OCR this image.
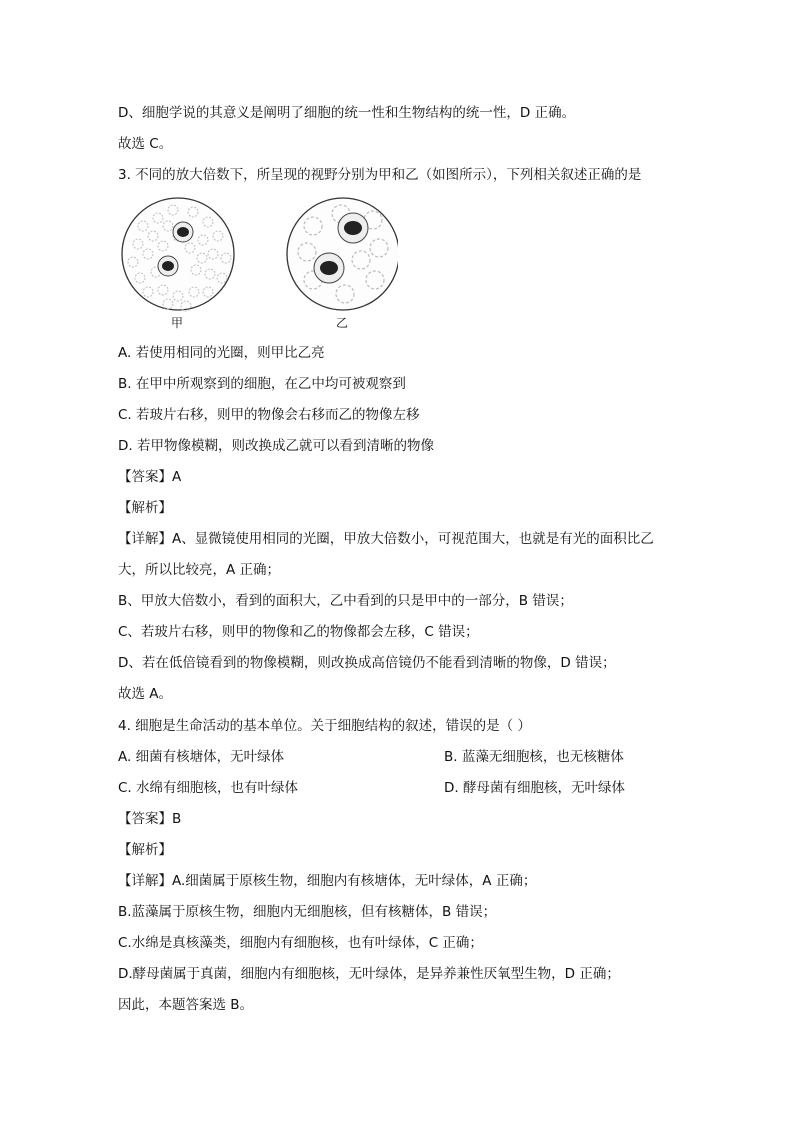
D、细胞学说的其意义是阐明了细胞的统一性和生物结构的统一性，D 正确。
故选 C。
3. 不同的放大倍数下，所呈现的视野分别为甲和乙（如图所示），下列相关叙述正确的是
甲	乙
A. 若使用相同的光圈，则甲比乙亮
B. 在甲中所观察到的细胞，在乙中均可被观察到
C. 若玻片右移，则甲的物像会右移而乙的物像左移
D. 若甲物像模糊，则改换成乙就可以看到清晰的物像
【答案】A
【解析】
【详解】A、显微镜使用相同的光圈，甲放大倍数小，可视范围大，也就是有光的面积比乙
大，所以比较亮，A 正确；
B、甲放大倍数小，看到的面积大，乙中看到的只是甲中的一部分，B 错误；
C、若玻片右移，则甲的物像和乙的物像都会左移，C 错误；
D、若在低倍镜看到的物像模糊，则改换成高倍镜仍不能看到清晰的物像，D 错误；
故选 A。
4. 细胞是生命活动的基本单位。关于细胞结构的叙述，错误的是（ ）
A. 细菌有核塘体，无叶绿体	B. 蓝藻无细胞核，也无核糖体
C. 水绵有细胞核，也有叶绿体	D. 酵母菌有细胞核，无叶绿体
【答案】B
【解析】
【详解】A.细菌属于原核生物，细胞内有核塘体，无叶绿体，A 正确；
B.蓝藻属于原核生物，细胞内无细胞核，但有核糖体，B 错误；
C.水绵是真核藻类，细胞内有细胞核，也有叶绿体，C 正确；
D.酵母菌属于真菌，细胞内有细胞核，无叶绿体，是异养兼性厌氧型生物，D 正确；
因此，本题答案选 B。
